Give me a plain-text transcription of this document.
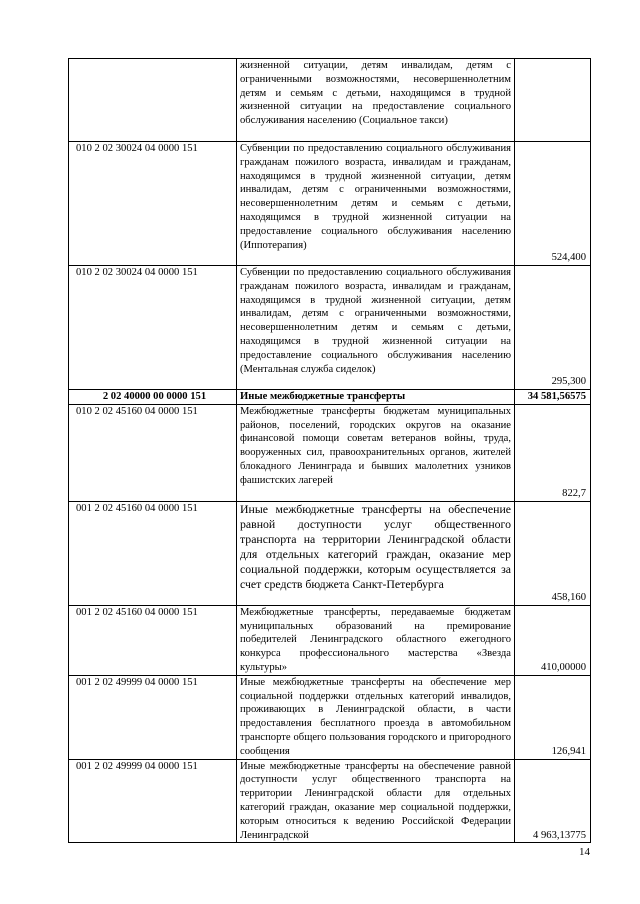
	жизненной ситуации, детям инвалидам, детям с ограниченными возможностями, несовершеннолетним детям и семьям с детьми, находящимся в трудной жизненной ситуации на предоставление социального обслуживания населению (Социальное такси)	
010 2 02 30024 04 0000 151	Субвенции по предоставлению социального обслуживания гражданам пожилого возраста, инвалидам и гражданам, находящимся в трудной жизненной ситуации, детям инвалидам, детям с ограниченными возможностями, несовершеннолетним детям и семьям с детьми, находящимся в трудной жизненной ситуации на предоставление социального обслуживания населению (Иппотерапия)	524,400
010 2 02 30024 04 0000 151	Субвенции по предоставлению социального обслуживания гражданам пожилого возраста, инвалидам и гражданам, находящимся в трудной жизненной ситуации, детям инвалидам, детям с ограниченными возможностями, несовершеннолетним детям и семьям с детьми, находящимся в трудной жизненной ситуации на предоставление социального обслуживания населению (Ментальная служба сиделок)	295,300
2 02 40000 00 0000 151	Иные межбюджетные трансферты	34 581,56575
010 2 02 45160 04 0000 151	Межбюджетные трансферты бюджетам муниципальных районов, поселений, городских округов на оказание финансовой помощи советам ветеранов войны, труда, вооруженных сил, правоохранительных органов, жителей блокадного Ленинграда и бывших малолетних узников фашистских лагерей	822,7
001 2 02 45160 04 0000 151	Иные межбюджетные трансферты на обеспечение равной доступности услуг общественного транспорта на территории Ленинградской области для отдельных категорий граждан, оказание мер социальной поддержки, которым осуществляется за счет средств бюджета Санкт-Петербурга	458,160
001 2 02 45160 04 0000 151	Межбюджетные трансферты, передаваемые бюджетам муниципальных образований на премирование победителей Ленинградского областного ежегодного конкурса профессионального мастерства «Звезда культуры»	410,00000
001 2 02 49999 04 0000 151	Иные межбюджетные трансферты на обеспечение мер социальной поддержки отдельных категорий инвалидов, проживающих в Ленинградской области, в части предоставления бесплатного проезда в автомобильном транспорте общего пользования городского и пригородного сообщения	126,941
001 2 02 49999 04 0000 151	Иные межбюджетные трансферты на обеспечение равной доступности услуг общественного транспорта на территории Ленинградской области для отдельных категорий граждан, оказание мер социальной поддержки, которым относиться к ведению Российской Федерации Ленинградской	4 963,13775
14
